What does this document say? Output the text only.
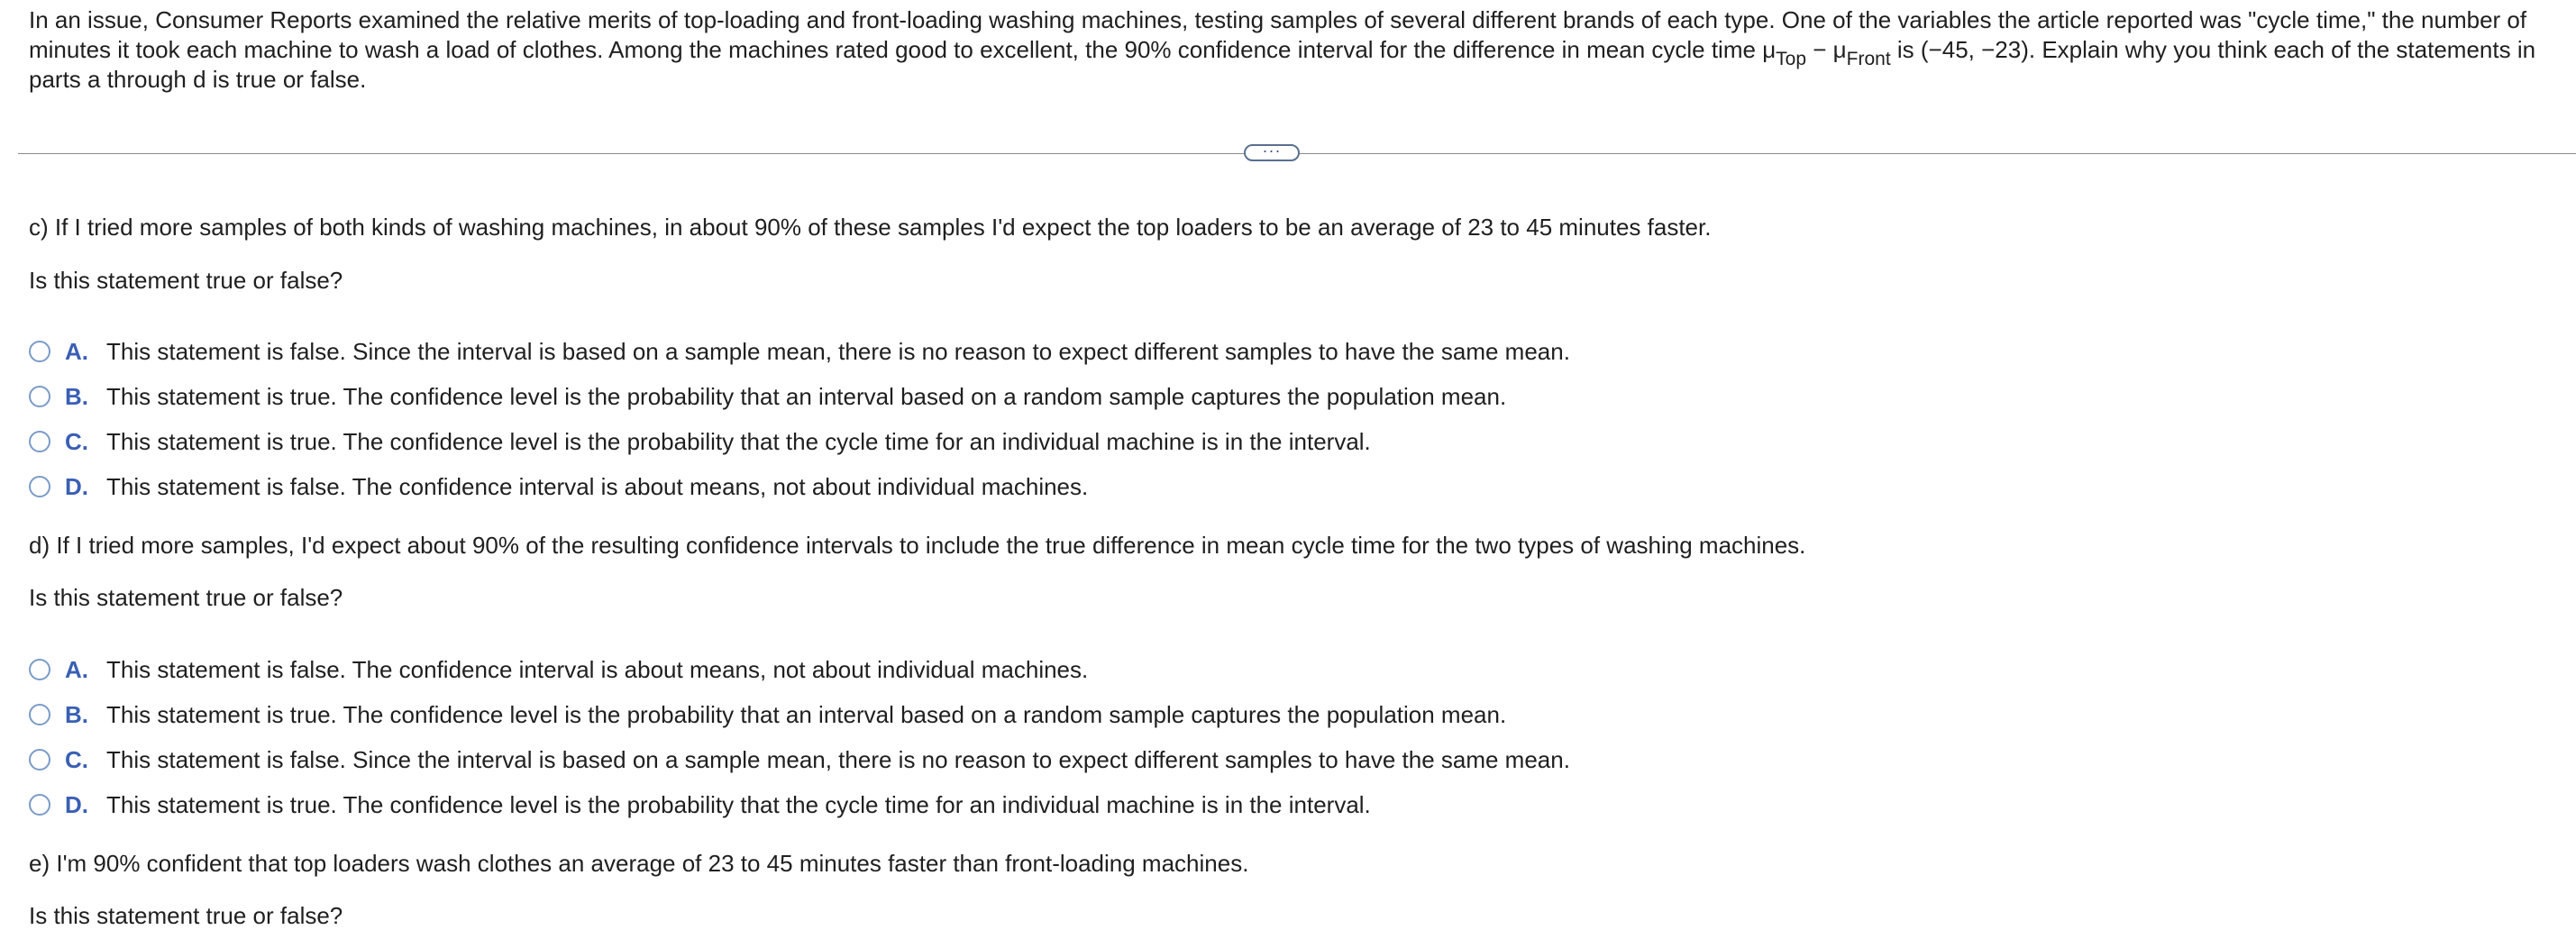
In an issue, Consumer Reports examined the relative merits of top-loading and front-loading washing machines, testing samples of several different brands of each type. One of the variables the article reported was "cycle time," the number of minutes it took each machine to wash a load of clothes. Among the machines rated good to excellent, the 90% confidence interval for the difference in mean cycle time $\mu_{Top} - \mu_{Front}$ is (−45, −23). Explain why you think each of the statements in parts a through d is true or false.

···

c) If I tried more samples of both kinds of washing machines, in about 90% of these samples I'd expect the top loaders to be an average of 23 to 45 minutes faster.

Is this statement true or false?

A. This statement is false. Since the interval is based on a sample mean, there is no reason to expect different samples to have the same mean.
B. This statement is true. The confidence level is the probability that an interval based on a random sample captures the population mean.
C. This statement is true. The confidence level is the probability that the cycle time for an individual machine is in the interval.
D. This statement is false. The confidence interval is about means, not about individual machines.

d) If I tried more samples, I'd expect about 90% of the resulting confidence intervals to include the true difference in mean cycle time for the two types of washing machines.

Is this statement true or false?

A. This statement is false. The confidence interval is about means, not about individual machines.
B. This statement is true. The confidence level is the probability that an interval based on a random sample captures the population mean.
C. This statement is false. Since the interval is based on a sample mean, there is no reason to expect different samples to have the same mean.
D. This statement is true. The confidence level is the probability that the cycle time for an individual machine is in the interval.

e) I'm 90% confident that top loaders wash clothes an average of 23 to 45 minutes faster than front-loading machines.

Is this statement true or false?
